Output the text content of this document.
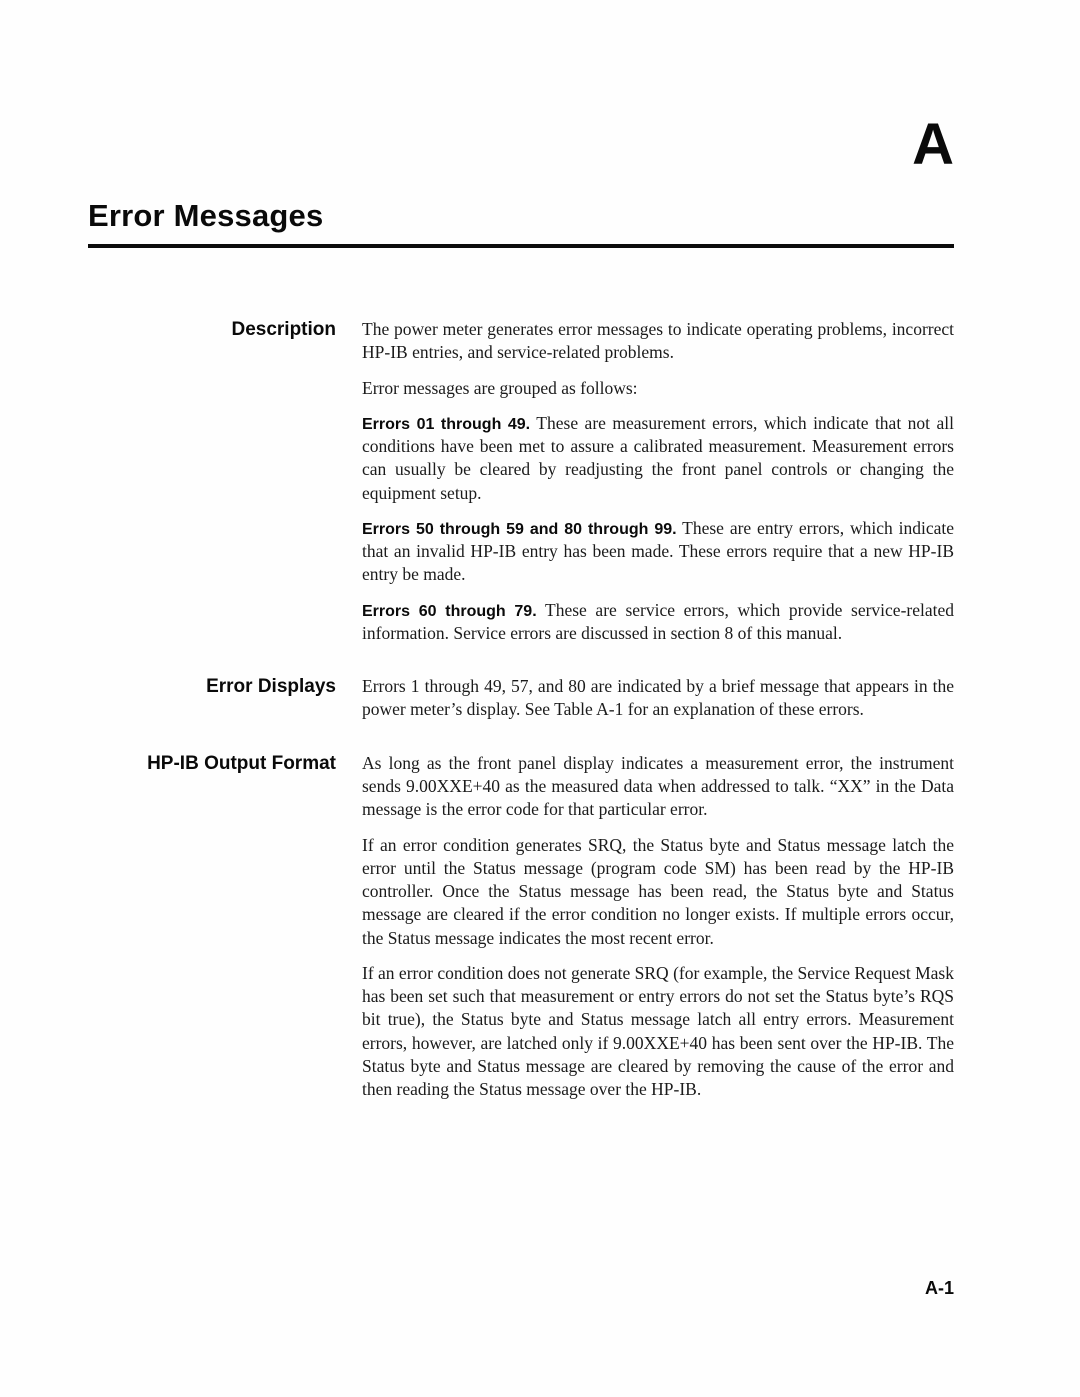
A
Error Messages
Description	The power meter generates error messages to indicate operating problems, incorrect HP-IB entries, and service-related problems.

Error messages are grouped as follows:

Errors 01 through 49. These are measurement errors, which indicate that not all conditions have been met to assure a calibrated measurement. Measurement errors can usually be cleared by readjusting the front panel controls or changing the equipment setup.

Errors 50 through 59 and 80 through 99. These are entry errors, which indicate that an invalid HP-IB entry has been made. These errors require that a new HP-IB entry be made.

Errors 60 through 79. These are service errors, which provide service-related information. Service errors are discussed in section 8 of this manual.

Error Displays	Errors 1 through 49, 57, and 80 are indicated by a brief message that appears in the power meter’s display. See Table A-1 for an explanation of these errors.

HP-IB Output Format	As long as the front panel display indicates a measurement error, the instrument sends 9.00XXE+40 as the measured data when addressed to talk. “XX” in the Data message is the error code for that particular error.

If an error condition generates SRQ, the Status byte and Status message latch the error until the Status message (program code SM) has been read by the HP-IB controller. Once the Status message has been read, the Status byte and Status message are cleared if the error condition no longer exists. If multiple errors occur, the Status message indicates the most recent error.

If an error condition does not generate SRQ (for example, the Service Request Mask has been set such that measurement or entry errors do not set the Status byte’s RQS bit true), the Status byte and Status message latch all entry errors. Measurement errors, however, are latched only if 9.00XXE+40 has been sent over the HP-IB. The Status byte and Status message are cleared by removing the cause of the error and then reading the Status message over the HP-IB.

A-1
